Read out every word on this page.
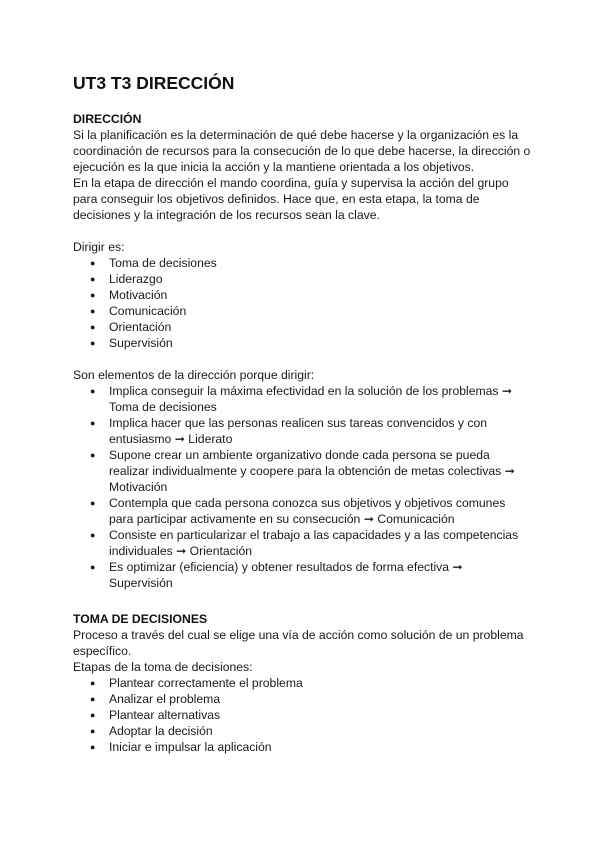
UT3 T3 DIRECCIÓN
DIRECCIÓN

Si la planificación es la determinación de qué debe hacerse y la organización es la

coordinación de recursos para la consecución de lo que debe hacerse, la dirección o

ejecución es la que inicia la acción y la mantiene orientada a los objetivos.

En la etapa de dirección el mando coordina, guía y supervisa la acción del grupo

para conseguir los objetivos definidos. Hace que, en esta etapa, la toma de

decisiones y la integración de los recursos sean la clave.

Dirigir es:

● Toma de decisiones
● Liderazgo
● Motivación
● Comunicación
● Orientación
● Supervisión

Son elementos de la dirección porque dirigir:

● Implica conseguir la máxima efectividad en la solución de los problemas ➞
Toma de decisiones
● Implica hacer que las personas realicen sus tareas convencidos y con
entusiasmo ➞ Liderato
● Supone crear un ambiente organizativo donde cada persona se pueda
realizar individualmente y coopere para la obtención de metas colectivas ➞
Motivación
● Contempla que cada persona conozca sus objetivos y objetivos comunes
para participar activamente en su consecución ➞ Comunicación
● Consiste en particularizar el trabajo a las capacidades y a las competencias
individuales ➞ Orientación
● Es optimizar (eficiencia) y obtener resultados de forma efectiva ➞
Supervisión
TOMA DE DECISIONES

Proceso a través del cual se elige una vía de acción como solución de un problema

específico.

Etapas de la toma de decisiones:

● Plantear correctamente el problema
● Analizar el problema
● Plantear alternativas
● Adoptar la decisión
● Iniciar e impulsar la aplicación
